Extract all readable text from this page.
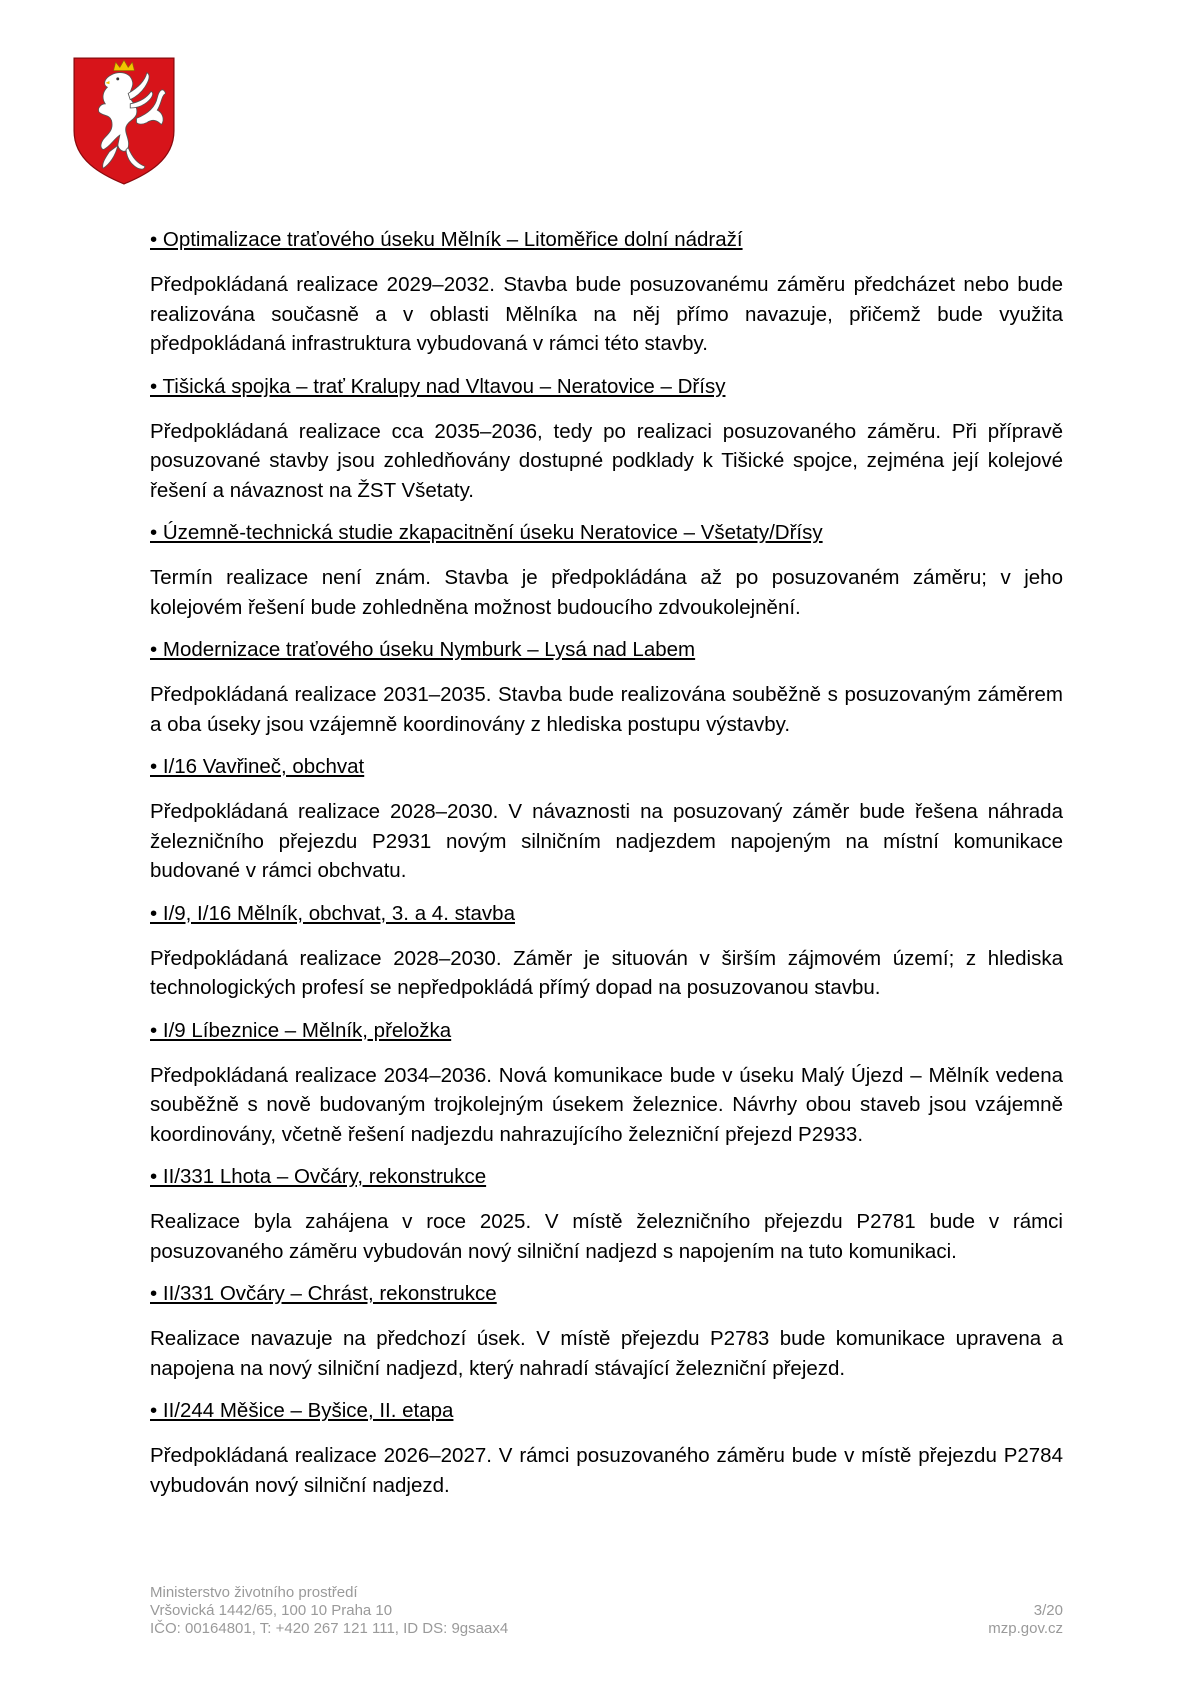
• Optimalizace traťového úseku Mělník – Litoměřice dolní nádraží

Předpokládaná realizace 2029–2032. Stavba bude posuzovanému záměru předcházet nebo bude realizována současně a v oblasti Mělníka na něj přímo navazuje, přičemž bude využita předpokládaná infrastruktura vybudovaná v rámci této stavby.

• Tišická spojka – trať Kralupy nad Vltavou – Neratovice – Dřísy

Předpokládaná realizace cca 2035–2036, tedy po realizaci posuzovaného záměru. Při přípravě posuzované stavby jsou zohledňovány dostupné podklady k Tišické spojce, zejména její kolejové řešení a návaznost na ŽST Všetaty.

• Územně-technická studie zkapacitnění úseku Neratovice – Všetaty/Dřísy

Termín realizace není znám. Stavba je předpokládána až po posuzovaném záměru; v jeho kolejovém řešení bude zohledněna možnost budoucího zdvoukolejnění.

• Modernizace traťového úseku Nymburk – Lysá nad Labem

Předpokládaná realizace 2031–2035. Stavba bude realizována souběžně s posuzovaným záměrem a oba úseky jsou vzájemně koordinovány z hlediska postupu výstavby.

• I/16 Vavřineč, obchvat

Předpokládaná realizace 2028–2030. V návaznosti na posuzovaný záměr bude řešena náhrada železničního přejezdu P2931 novým silničním nadjezdem napojeným na místní komunikace budované v rámci obchvatu.

• I/9, I/16 Mělník, obchvat, 3. a 4. stavba

Předpokládaná realizace 2028–2030. Záměr je situován v širším zájmovém území; z hlediska technologických profesí se nepředpokládá přímý dopad na posuzovanou stavbu.

• I/9 Líbeznice – Mělník, přeložka

Předpokládaná realizace 2034–2036. Nová komunikace bude v úseku Malý Újezd – Mělník vedena souběžně s nově budovaným trojkolejným úsekem železnice. Návrhy obou staveb jsou vzájemně koordinovány, včetně řešení nadjezdu nahrazujícího železniční přejezd P2933.

• II/331 Lhota – Ovčáry, rekonstrukce

Realizace byla zahájena v roce 2025. V místě železničního přejezdu P2781 bude v rámci posuzovaného záměru vybudován nový silniční nadjezd s napojením na tuto komunikaci.

• II/331 Ovčáry – Chrást, rekonstrukce

Realizace navazuje na předchozí úsek. V místě přejezdu P2783 bude komunikace upravena a napojena na nový silniční nadjezd, který nahradí stávající železniční přejezd.

• II/244 Měšice – Byšice, II. etapa

Předpokládaná realizace 2026–2027. V rámci posuzovaného záměru bude v místě přejezdu P2784 vybudován nový silniční nadjezd.

Ministerstvo životního prostředí
Vršovická 1442/65, 100 10 Praha 10
IČO: 00164801, T: +420 267 121 111, ID DS: 9gsaax4
3/20
mzp.gov.cz
